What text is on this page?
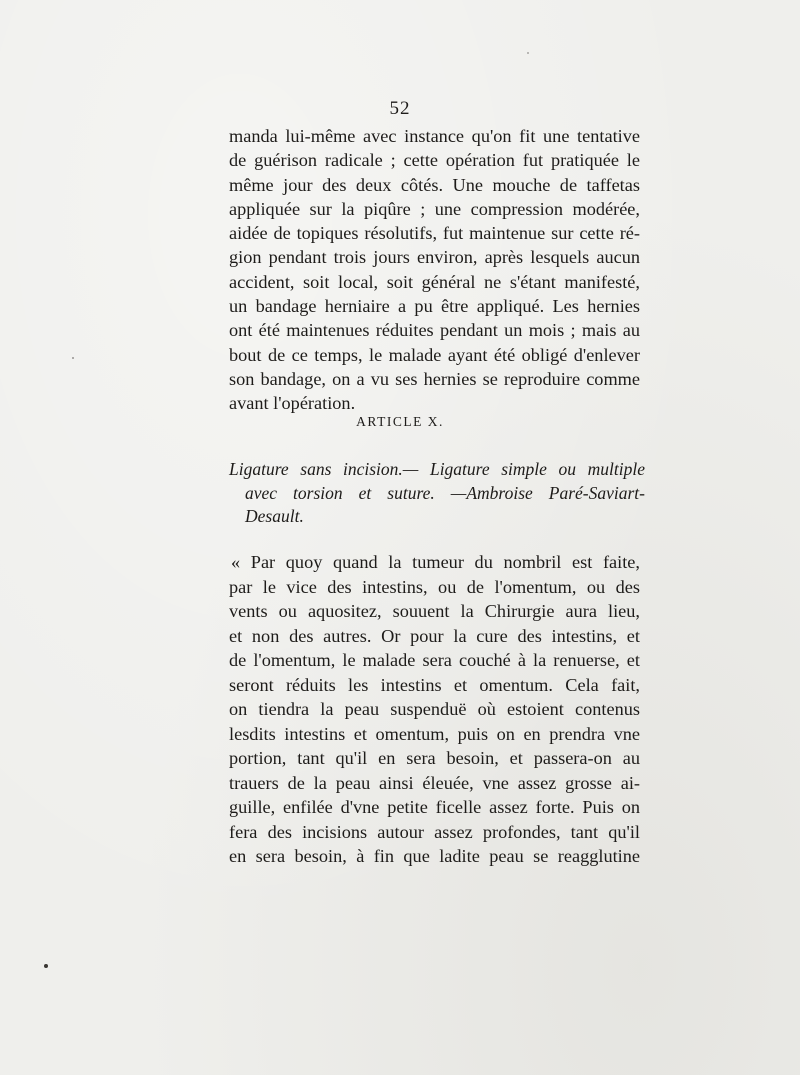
52
manda lui-même avec instance qu'on fit une tentative
de guérison radicale ; cette opération fut pratiquée le
même jour des deux côtés. Une mouche de taffetas
appliquée sur la piqûre ; une compression modérée,
aidée de topiques résolutifs, fut maintenue sur cette ré-
gion pendant trois jours environ, après lesquels aucun
accident, soit local, soit général ne s'étant manifesté,
un bandage herniaire a pu être appliqué. Les hernies
ont été maintenues réduites pendant un mois ; mais au
bout de ce temps, le malade ayant été obligé d'enlever
son bandage, on a vu ses hernies se reproduire comme
avant l'opération.
ARTICLE X.
Ligature sans incision.— Ligature simple ou multiple
avec torsion et suture. —Ambroise Paré-Saviart-
Desault.
« Par quoy quand la tumeur du nombril est faite,
par le vice des intestins, ou de l'omentum, ou des
vents ou aquositez, souuent la Chirurgie aura lieu,
et non des autres. Or pour la cure des intestins, et
de l'omentum, le malade sera couché à la renuerse, et
seront réduits les intestins et omentum. Cela fait,
on tiendra la peau suspenduë où estoient contenus
lesdits intestins et omentum, puis on en prendra vne
portion, tant qu'il en sera besoin, et passera-on au
trauers de la peau ainsi éleuée, vne assez grosse ai-
guille, enfilée d'vne petite ficelle assez forte. Puis on
fera des incisions autour assez profondes, tant qu'il
en sera besoin, à fin que ladite peau se reagglutine
